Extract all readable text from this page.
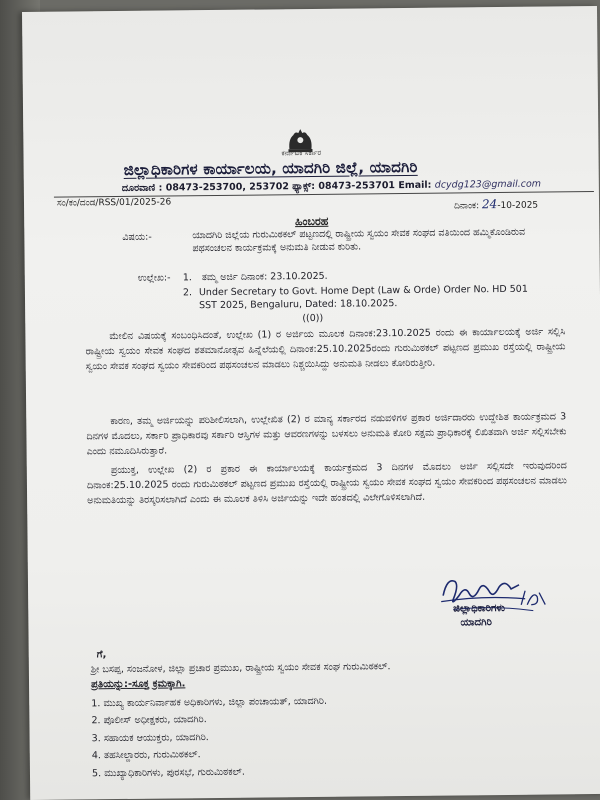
ಕರ್ನಾಟಕ ಸರ್ಕಾರ
ಜಿಲ್ಲಾಧಿಕಾರಿಗಳ ಕಾರ್ಯಾಲಯ, ಯಾದಗಿರಿ ಜಿಲ್ಲೆ, ಯಾದಗಿರಿ
ದೂರವಾಣಿ : 08473-253700, 253702 ಫ್ಯಾಕ್ಸ್: 08473-253701 Email: dcydg123@gmail.com
ಸಂ/ಕಂ/ದಂಡ/RSS/01/2025-26	ದಿನಾಂಕ: 24-10-2025
ಹಿಂಬರಹ
ವಿಷಯ:-	ಯಾದಗಿರಿ ಜಿಲ್ಲೆಯ ಗುರುಮಿಠಕಲ್ ಪಟ್ಟಣದಲ್ಲಿ ರಾಷ್ಟ್ರೀಯ ಸ್ವಯಂ ಸೇವಕ ಸಂಘದ ವತಿಯಿಂದ ಹಮ್ಮಿಕೊಂಡಿರುವ ಪಥಸಂಚಲನ ಕಾರ್ಯಕ್ರಮಕ್ಕೆ ಅನುಮತಿ ನೀಡುವ ಕುರಿತು.
ಉಲ್ಲೇಖ:- 1. ತಮ್ಮ ಅರ್ಜಿ ದಿನಾಂಕ: 23.10.2025.
2. Under Secretary to Govt. Home Dept (Law & Orde) Order No. HD 501 SST 2025, Bengaluru, Dated: 18.10.2025.
((0))
ಮೇಲಿನ ವಿಷಯಕ್ಕೆ ಸಂಬಂಧಿಸಿದಂತೆ, ಉಲ್ಲೇಖ (1) ರ ಅರ್ಜಿಯ ಮೂಲಕ ದಿನಾಂಕ:23.10.2025 ರಂದು ಈ ಕಾರ್ಯಾಲಯಕ್ಕೆ ಅರ್ಜಿ ಸಲ್ಲಿಸಿ ರಾಷ್ಟ್ರೀಯ ಸ್ವಯಂ ಸೇವಕ ಸಂಘದ ಶತಮಾನೋತ್ಸವ ಹಿನ್ನೆಲೆಯಲ್ಲಿ ದಿನಾಂಕ:25.10.2025ರಂದು ಗುರುಮಿಠಕಲ್ ಪಟ್ಟಣದ ಪ್ರಮುಖ ರಸ್ತೆಯಲ್ಲಿ ರಾಷ್ಟ್ರೀಯ ಸ್ವಯಂ ಸೇವಕ ಸಂಘದ ಸ್ವಯಂ ಸೇವಕರಿಂದ ಪಥಸಂಚಲನ ಮಾಡಲು ನಿಶ್ಚಯಿಸಿದ್ದು ಅನುಮತಿ ನೀಡಲು ಕೋರಿರುತ್ತೀರಿ.
ಕಾರಣ, ತಮ್ಮ ಅರ್ಜಿಯನ್ನು ಪರಿಶೀಲಿಸಲಾಗಿ, ಉಲ್ಲೇಖಿತ (2) ರ ಮಾನ್ಯ ಸರ್ಕಾರದ ನಡುವಳಿಗಳ ಪ್ರಕಾರ ಅರ್ಜಿದಾರರು ಉದ್ದೇಶಿತ ಕಾರ್ಯಕ್ರಮದ 3 ದಿನಗಳ ಮೊದಲು, ಸರ್ಕಾರಿ ಪ್ರಾಧಿಕಾರವು ಸರ್ಕಾರಿ ಆಸ್ತಿಗಳ ಮತ್ತು ಆವರಣಗಳನ್ನು ಬಳಸಲು ಅನುಮತಿ ಕೋರಿ ಸಕ್ಷಮ ಪ್ರಾಧಿಕಾರಕ್ಕೆ ಲಿಖಿತವಾಗಿ ಅರ್ಜಿ ಸಲ್ಲಿಸಬೇಕು ಎಂದು ನಮೂದಿಸಿರುತ್ತಾರೆ.
ಪ್ರಯುಕ್ತ, ಉಲ್ಲೇಖ (2) ರ ಪ್ರಕಾರ ಈ ಕಾರ್ಯಾಲಯಕ್ಕೆ ಕಾರ್ಯಕ್ರಮದ 3 ದಿನಗಳ ಮೊದಲು ಅರ್ಜಿ ಸಲ್ಲಿಸದೇ ಇರುವುದರಿಂದ ದಿನಾಂಕ:25.10.2025 ರಂದು ಗುರುಮಿಠಕಲ್ ಪಟ್ಟಣದ ಪ್ರಮುಖ ರಸ್ತೆಯಲ್ಲಿ ರಾಷ್ಟ್ರೀಯ ಸ್ವಯಂ ಸೇವಕ ಸಂಘದ ಸ್ವಯಂ ಸೇವಕರಿಂದ ಪಥಸಂಚಲನ ಮಾಡಲು ಅನುಮತಿಯನ್ನು ತಿರಸ್ಕರಿಸಲಾಗಿದೆ ಎಂದು ಈ ಮೂಲಕ ತಿಳಿಸಿ ಅರ್ಜಿಯನ್ನು ಇದೇ ಹಂತದಲ್ಲಿ ವಿಲೇಗೊಳಿಸಲಾಗಿದೆ.
ಜಿಲ್ಲಾಧಿಕಾರಿಗಳು
ಯಾದಗಿರಿ
ಗೆ,
ಶ್ರೀ ಬಸಪ್ಪ, ಸಂಜನೋಳ, ಜಿಲ್ಲಾ ಪ್ರಚಾರ ಪ್ರಮುಖ, ರಾಷ್ಟ್ರೀಯ ಸ್ವಯಂ ಸೇವಕ ಸಂಘ ಗುರುಮಿಠಕಲ್.
ಪ್ರತಿಯನ್ನು:-ಸೂಕ್ತ ಕ್ರಮಕ್ಕಾಗಿ.
1. ಮುಖ್ಯ ಕಾರ್ಯನಿರ್ವಾಹಕ ಅಧಿಕಾರಿಗಳು, ಜಿಲ್ಲಾ ಪಂಚಾಯತ್, ಯಾದಗಿರಿ.
2. ಪೊಲೀಸ್ ಅಧೀಕ್ಷಕರು, ಯಾದಗಿರಿ.
3. ಸಹಾಯಕ ಆಯುಕ್ತರು, ಯಾದಗಿರಿ.
4. ತಹಸೀಲ್ದಾರರು, ಗುರುಮಿಠಕಲ್.
5. ಮುಖ್ಯಾಧಿಕಾರಿಗಳು, ಪುರಸಭೆ, ಗುರುಮಿಠಕಲ್.
